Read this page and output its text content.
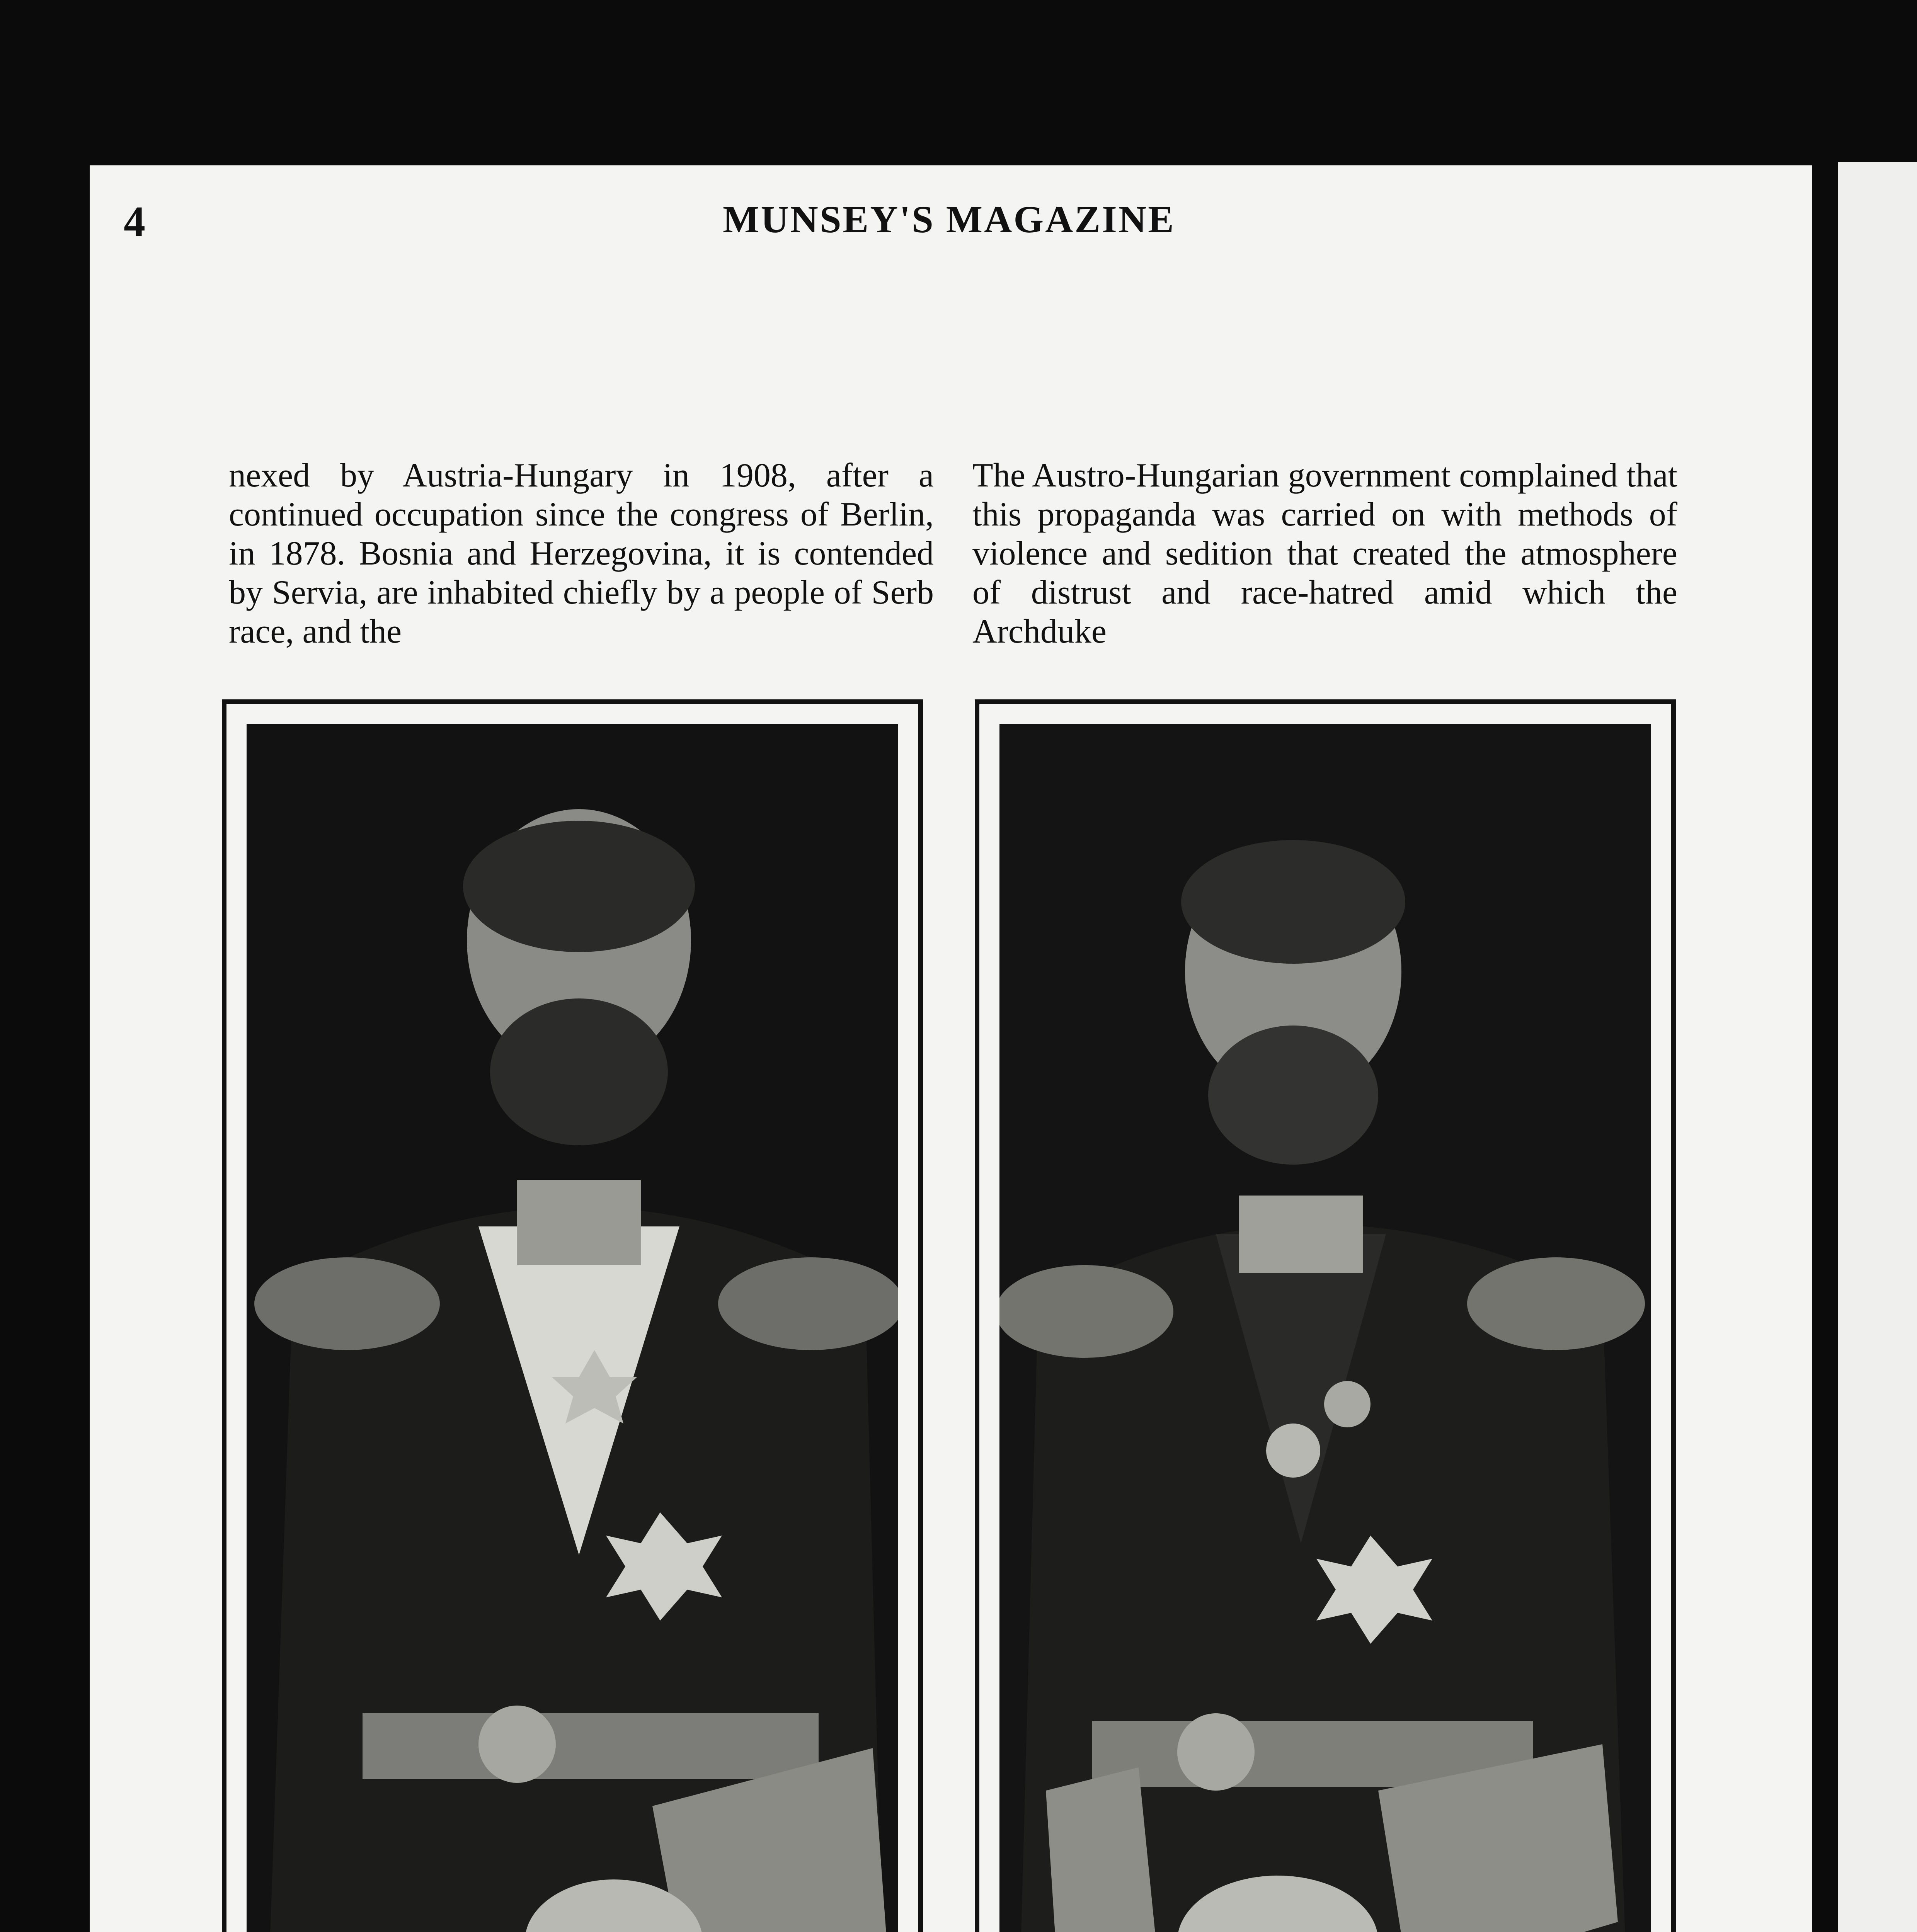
4	MUNSEY'S MAGAZINE

nexed by Austria-Hungary in 1908, after a continued occupation since the congress of Berlin, in 1878. Bosnia and Herzegovina, it is contended by Servia, are inhabited chiefly by a people of Serb race, and the

The Austro-Hungarian government complained that this propaganda was carried on with methods of violence and sedition that created the atmosphere of distrust and race-hatred amid which the Archduke
